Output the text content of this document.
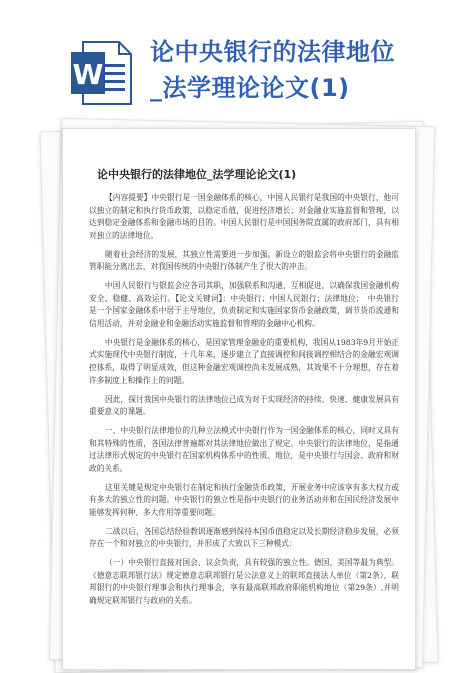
W
论中央银行的法律地位
_法学理论论文(1)
论中央银行的法律地位_法学理论论文(1)

【内容提要】中央银行是一国金融体系的核心，中国人民银行是我国的中央银行，他可以独立的制定和执行货币政策，以稳定币值，促进经济增长；对金融业实施监督和管理，以达到稳定金融体系和金融市场的目的。中国人民银行是中国国务院直属的政府部门，具有相对独立的法律地位。

随着社会经济的发展，其独立性需要进一步加强。新设立的银监会将中央银行的金融监管职能分离出去，对我国传统的中央银行体制产生了很大的冲击。

中国人民银行与银监会应各司其职，加强联系和沟通，互相促进，以确保我国金融机构安全、稳健、高效运行。【论文关键词】：中央银行；中国人民银行；法律地位；　中央银行是一个国家金融体系中居于主导地位，负责制定和实施国家货币金融政策，调节货币流通和信用活动，并对金融业和金融活动实施监督和管理的金融中心机构。

中央银行是金融体系的核心，是国家管理金融业的重要机构，我国从1983年9月开始正式实施现代中央银行制度，十几年来，逐步建立了直接调控和间接调控相结合的金融宏观调控体系，取得了明显成效，但这种金融宏观调控尚未发展成熟，其效果不十分理想，存在着许多制度上和操作上的问题。

因此，探讨我国中央银行的法律地位已成为对于实现经济的持续、快速、健康发展具有重要意义的课题。

一、中央银行法律地位的几种立法模式中央银行作为一国金融体系的核心，同时又具有和其特殊的性质，各国法律普遍都对其法律地位做出了规定。中央银行的法律地位，是指通过法律形式规定的中央银行在国家机构体系中的性质、地位，是中央银行与国会、政府和财政的关系。

这里关键是规定中央银行在制定和执行金融货币政策，开展业务中应该享有多大权力或有多大的独立性的问题。中央银行的独立性是指中央银行的业务活动并和在国民经济发展中能够发挥何种、多大作用等重要问题。

二战以后，各国总结经验教训逐渐感到保持本国币值稳定以及长期经济稳步发展，必须存在一个和对独立的中央银行，并形成了大致以下三种模式：

（一）中央银行直接对国会、议会负责，具有较强的独立性。德国、美国等最为典型。《德意志联邦银行法》规定德意志联邦银行是公法意义上的联邦直接法人单位（第2条），联邦银行的中央银行理事会和执行理事会，享有最高联邦政府职能机构地位（第29条）,并明确规定联邦银行与政府的关系。
